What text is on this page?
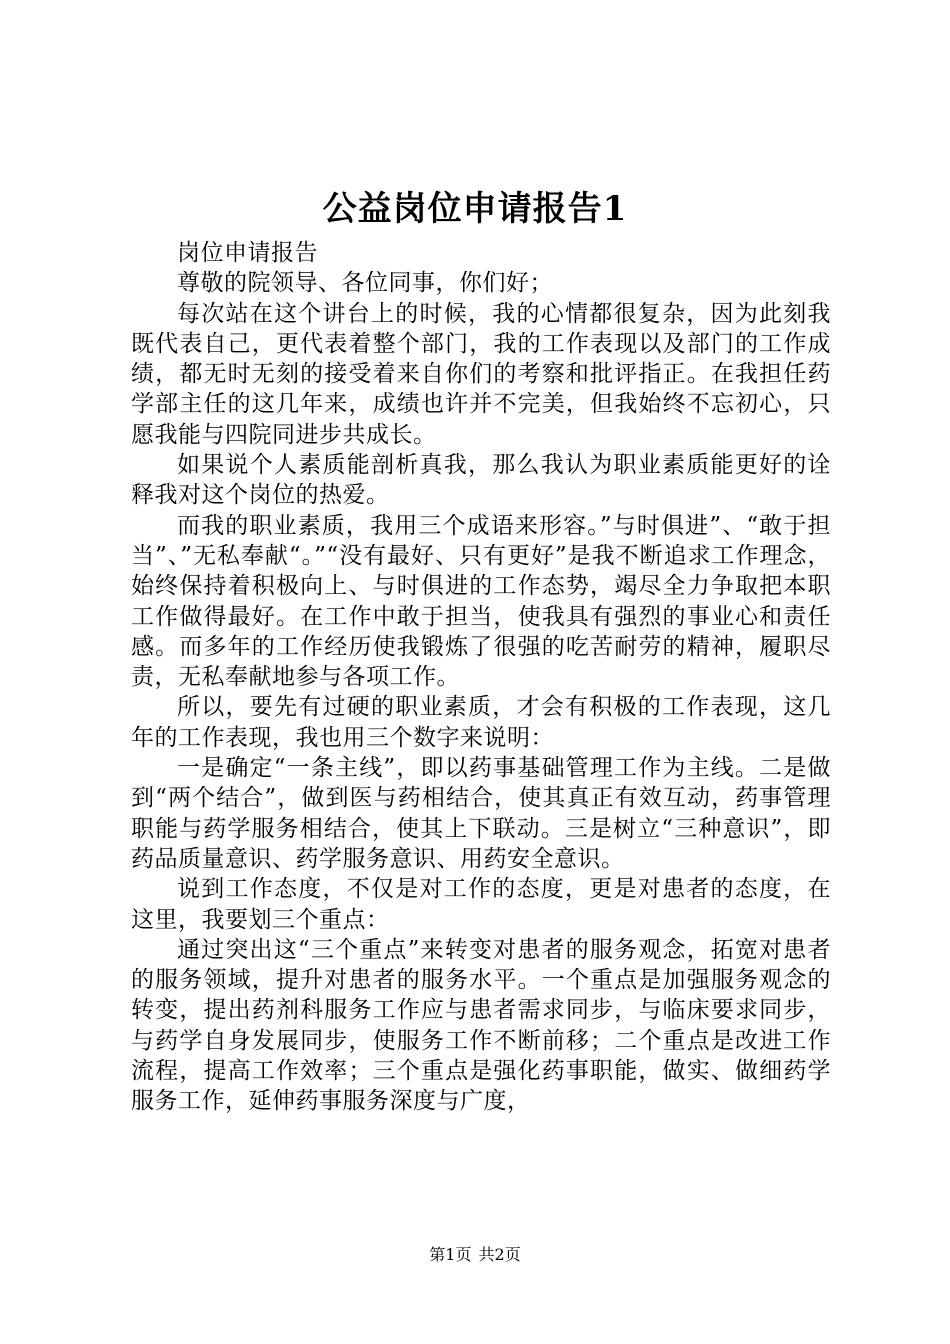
公益岗位申请报告1

岗位申请报告

尊敬的院领导、各位同事，你们好；

每次站在这个讲台上的时候，我的心情都很复杂，因为此刻我既代表自己，更代表着整个部门，我的工作表现以及部门的工作成绩，都无时无刻的接受着来自你们的考察和批评指正。在我担任药学部主任的这几年来，成绩也许并不完美，但我始终不忘初心，只愿我能与四院同进步共成长。

如果说个人素质能剖析真我，那么我认为职业素质能更好的诠释我对这个岗位的热爱。

而我的职业素质，我用三个成语来形容。”与时俱进”、“敢于担当”、”无私奉献“。”“没有最好、只有更好”是我不断追求工作理念，始终保持着积极向上、与时俱进的工作态势，竭尽全力争取把本职工作做得最好。在工作中敢于担当，使我具有强烈的事业心和责任感。而多年的工作经历使我锻炼了很强的吃苦耐劳的精神，履职尽责，无私奉献地参与各项工作。

所以，要先有过硬的职业素质，才会有积极的工作表现，这几年的工作表现，我也用三个数字来说明：

一是确定“一条主线”，即以药事基础管理工作为主线。二是做到“两个结合”，做到医与药相结合，使其真正有效互动，药事管理职能与药学服务相结合，使其上下联动。三是树立“三种意识”，即药品质量意识、药学服务意识、用药安全意识。

说到工作态度，不仅是对工作的态度，更是对患者的态度，在这里，我要划三个重点：

通过突出这“三个重点”来转变对患者的服务观念，拓宽对患者的服务领域，提升对患者的服务水平。一个重点是加强服务观念的转变，提出药剂科服务工作应与患者需求同步，与临床要求同步，与药学自身发展同步，使服务工作不断前移；二个重点是改进工作流程，提高工作效率；三个重点是强化药事职能，做实、做细药学服务工作，延伸药事服务深度与广度，

第1页 共2页
